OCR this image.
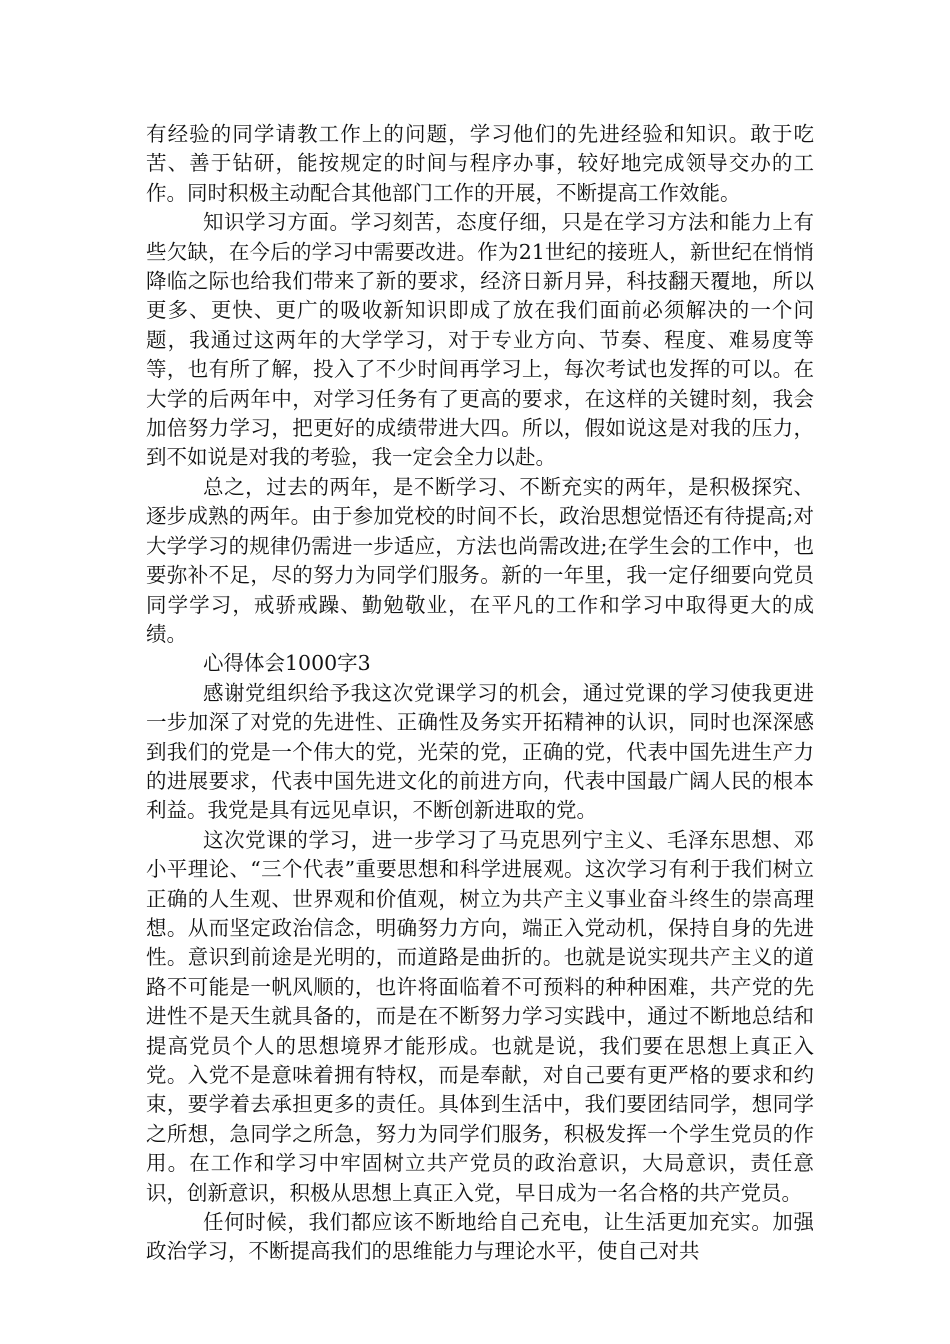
有经验的同学请教工作上的问题，学习他们的先进经验和知识。敢于吃苦、善于钻研，能按规定的时间与程序办事，较好地完成领导交办的工作。同时积极主动配合其他部门工作的开展，不断提高工作效能。

知识学习方面。学习刻苦，态度仔细，只是在学习方法和能力上有些欠缺，在今后的学习中需要改进。作为21世纪的接班人，新世纪在悄悄降临之际也给我们带来了新的要求，经济日新月异，科技翻天覆地，所以更多、更快、更广的吸收新知识即成了放在我们面前必须解决的一个问题，我通过这两年的大学学习，对于专业方向、节奏、程度、难易度等等，也有所了解，投入了不少时间再学习上，每次考试也发挥的可以。在大学的后两年中，对学习任务有了更高的要求，在这样的关键时刻，我会加倍努力学习，把更好的成绩带进大四。所以，假如说这是对我的压力，到不如说是对我的考验，我一定会全力以赴。

总之，过去的两年，是不断学习、不断充实的两年，是积极探究、逐步成熟的两年。由于参加党校的时间不长，政治思想觉悟还有待提高;对大学学习的规律仍需进一步适应，方法也尚需改进;在学生会的工作中，也要弥补不足，尽的努力为同学们服务。新的一年里，我一定仔细要向党员同学学习，戒骄戒躁、勤勉敬业，在平凡的工作和学习中取得更大的成绩。

心得体会1000字3

感谢党组织给予我这次党课学习的机会，通过党课的学习使我更进一步加深了对党的先进性、正确性及务实开拓精神的认识，同时也深深感到我们的党是一个伟大的党，光荣的党，正确的党，代表中国先进生产力的进展要求，代表中国先进文化的前进方向，代表中国最广阔人民的根本利益。我党是具有远见卓识，不断创新进取的党。

这次党课的学习，进一步学习了马克思列宁主义、毛泽东思想、邓小平理论、“三个代表”重要思想和科学进展观。这次学习有利于我们树立正确的人生观、世界观和价值观，树立为共产主义事业奋斗终生的崇高理想。从而坚定政治信念，明确努力方向，端正入党动机，保持自身的先进性。意识到前途是光明的，而道路是曲折的。也就是说实现共产主义的道路不可能是一帆风顺的，也许将面临着不可预料的种种困难，共产党的先进性不是天生就具备的，而是在不断努力学习实践中，通过不断地总结和提高党员个人的思想境界才能形成。也就是说，我们要在思想上真正入党。入党不是意味着拥有特权，而是奉献，对自己要有更严格的要求和约束，要学着去承担更多的责任。具体到生活中，我们要团结同学，想同学之所想，急同学之所急，努力为同学们服务，积极发挥一个学生党员的作用。在工作和学习中牢固树立共产党员的政治意识，大局意识，责任意识，创新意识，积极从思想上真正入党，早日成为一名合格的共产党员。

任何时候，我们都应该不断地给自己充电，让生活更加充实。加强政治学习，不断提高我们的思维能力与理论水平，使自己对共
